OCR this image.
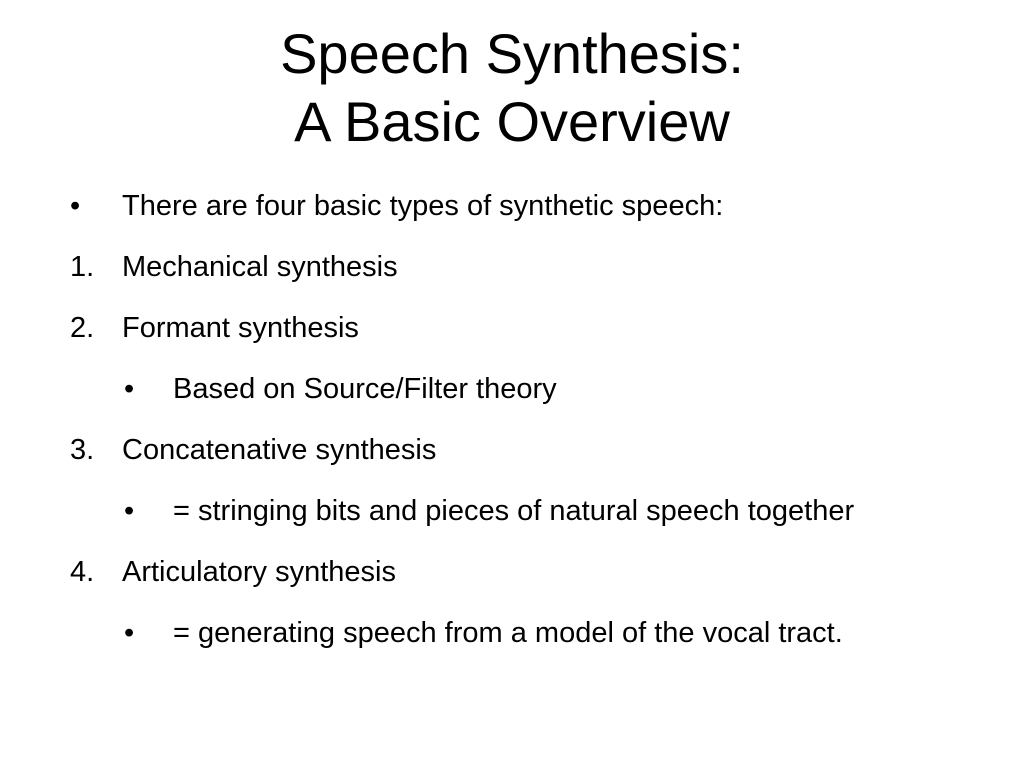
Speech Synthesis:
A Basic Overview
• There are four basic types of synthetic speech:
1. Mechanical synthesis
2. Formant synthesis
• Based on Source/Filter theory
3. Concatenative synthesis
• = stringing bits and pieces of natural speech together
4. Articulatory synthesis
• = generating speech from a model of the vocal tract.
